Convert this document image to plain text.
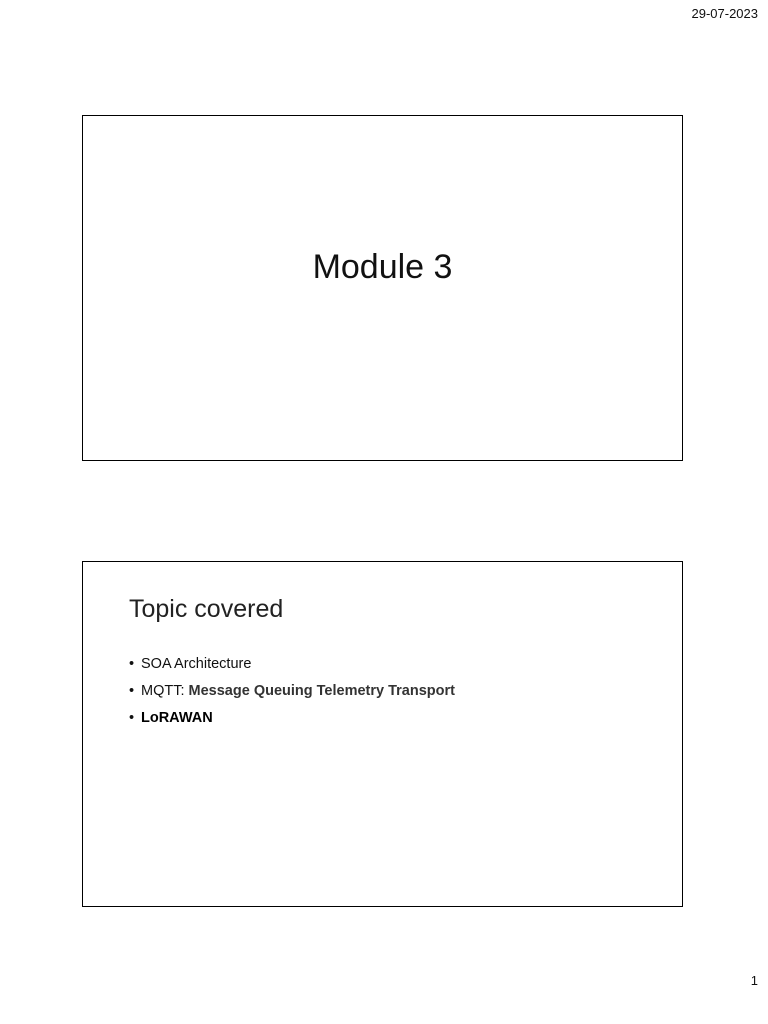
29-07-2023
Module 3
Topic covered
• SOA Architecture
• MQTT: Message Queuing Telemetry Transport
• LoRAWAN
1
